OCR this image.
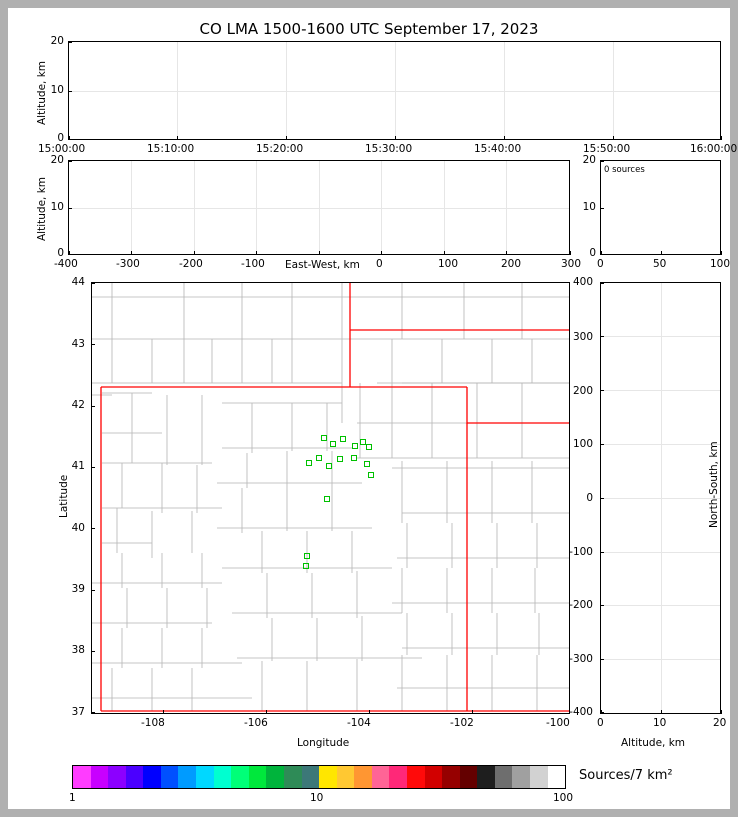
CO LMA 1500-1600 UTC September 17, 2023
0
10
20
15:00:00	15:10:00	15:20:00	15:30:00	15:40:00	15:50:00	16:00:00
Altitude, km
0
10
20
-400	-300	-200	-100	0	100	200	300
East-West, km
Altitude, km
0 sources
0
10
20
0	50	100
37
38
39
40
41
42
43
44
-108	-106	-104	-102	-100
Longitude
Latitude
-400
-300
-200
-100
0
100
200
300
400
0	10	20
Altitude, km
North-South, km
1	10	100
Sources/7 km²
